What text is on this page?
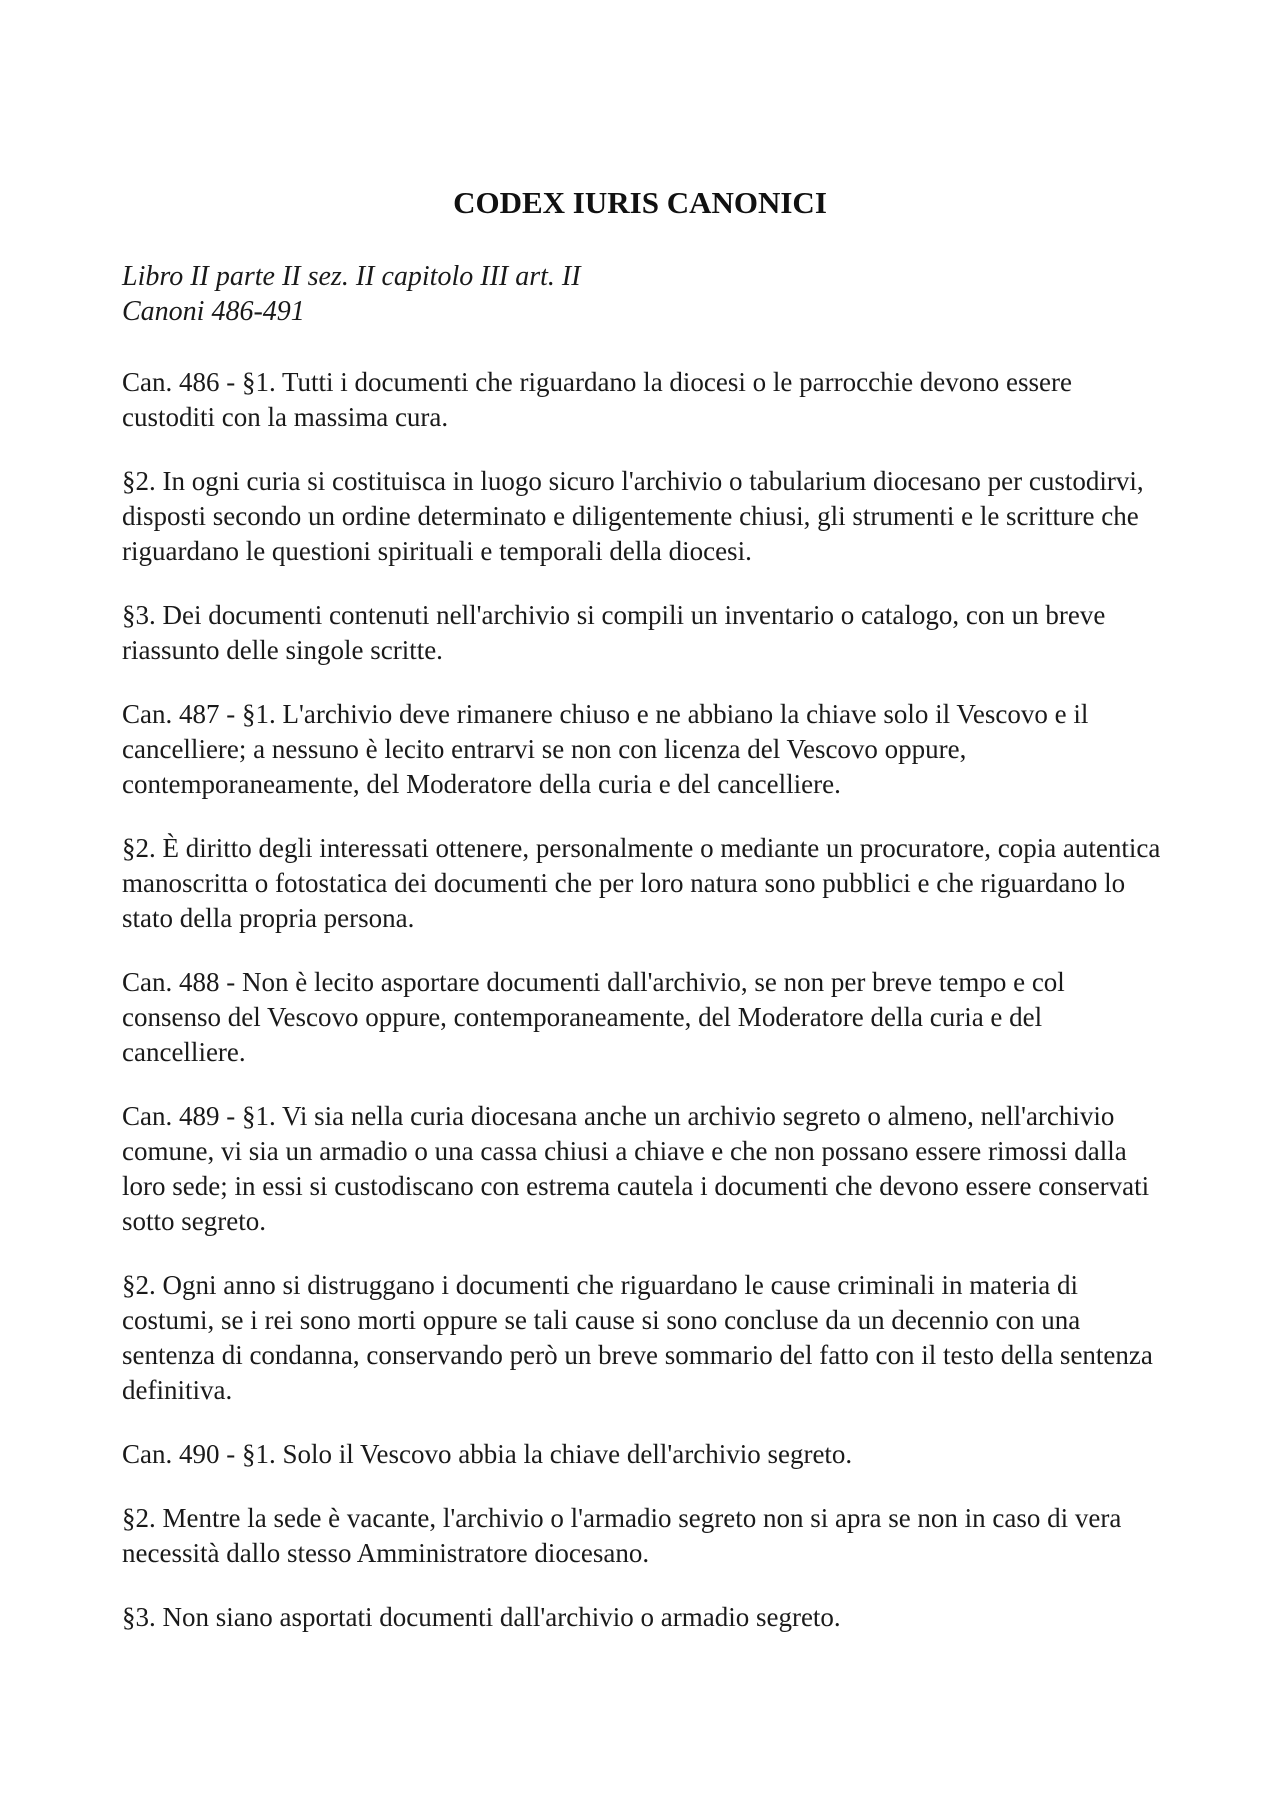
CODEX IURIS CANONICI
Libro II parte II sez. II capitolo III art. II
Canoni 486-491

Can. 486 - §1. Tutti i documenti che riguardano la diocesi o le parrocchie devono essere custoditi con la massima cura.

§2. In ogni curia si costituisca in luogo sicuro l'archivio o tabularium diocesano per custodirvi, disposti secondo un ordine determinato e diligentemente chiusi, gli strumenti e le scritture che riguardano le questioni spirituali e temporali della diocesi.

§3. Dei documenti contenuti nell'archivio si compili un inventario o catalogo, con un breve riassunto delle singole scritte.

Can. 487 - §1. L'archivio deve rimanere chiuso e ne abbiano la chiave solo il Vescovo e il cancelliere; a nessuno è lecito entrarvi se non con licenza del Vescovo oppure, contemporaneamente, del Moderatore della curia e del cancelliere.

§2. È diritto degli interessati ottenere, personalmente o mediante un procuratore, copia autentica manoscritta o fotostatica dei documenti che per loro natura sono pubblici e che riguardano lo stato della propria persona.

Can. 488 - Non è lecito asportare documenti dall'archivio, se non per breve tempo e col consenso del Vescovo oppure, contemporaneamente, del Moderatore della curia e del cancelliere.

Can. 489 - §1. Vi sia nella curia diocesana anche un archivio segreto o almeno, nell'archivio comune, vi sia un armadio o una cassa chiusi a chiave e che non possano essere rimossi dalla loro sede; in essi si custodiscano con estrema cautela i documenti che devono essere conservati sotto segreto.

§2. Ogni anno si distruggano i documenti che riguardano le cause criminali in materia di costumi, se i rei sono morti oppure se tali cause si sono concluse da un decennio con una sentenza di condanna, conservando però un breve sommario del fatto con il testo della sentenza definitiva.

Can. 490 - §1. Solo il Vescovo abbia la chiave dell'archivio segreto.

§2. Mentre la sede è vacante, l'archivio o l'armadio segreto non si apra se non in caso di vera necessità dallo stesso Amministratore diocesano.

§3. Non siano asportati documenti dall'archivio o armadio segreto.
